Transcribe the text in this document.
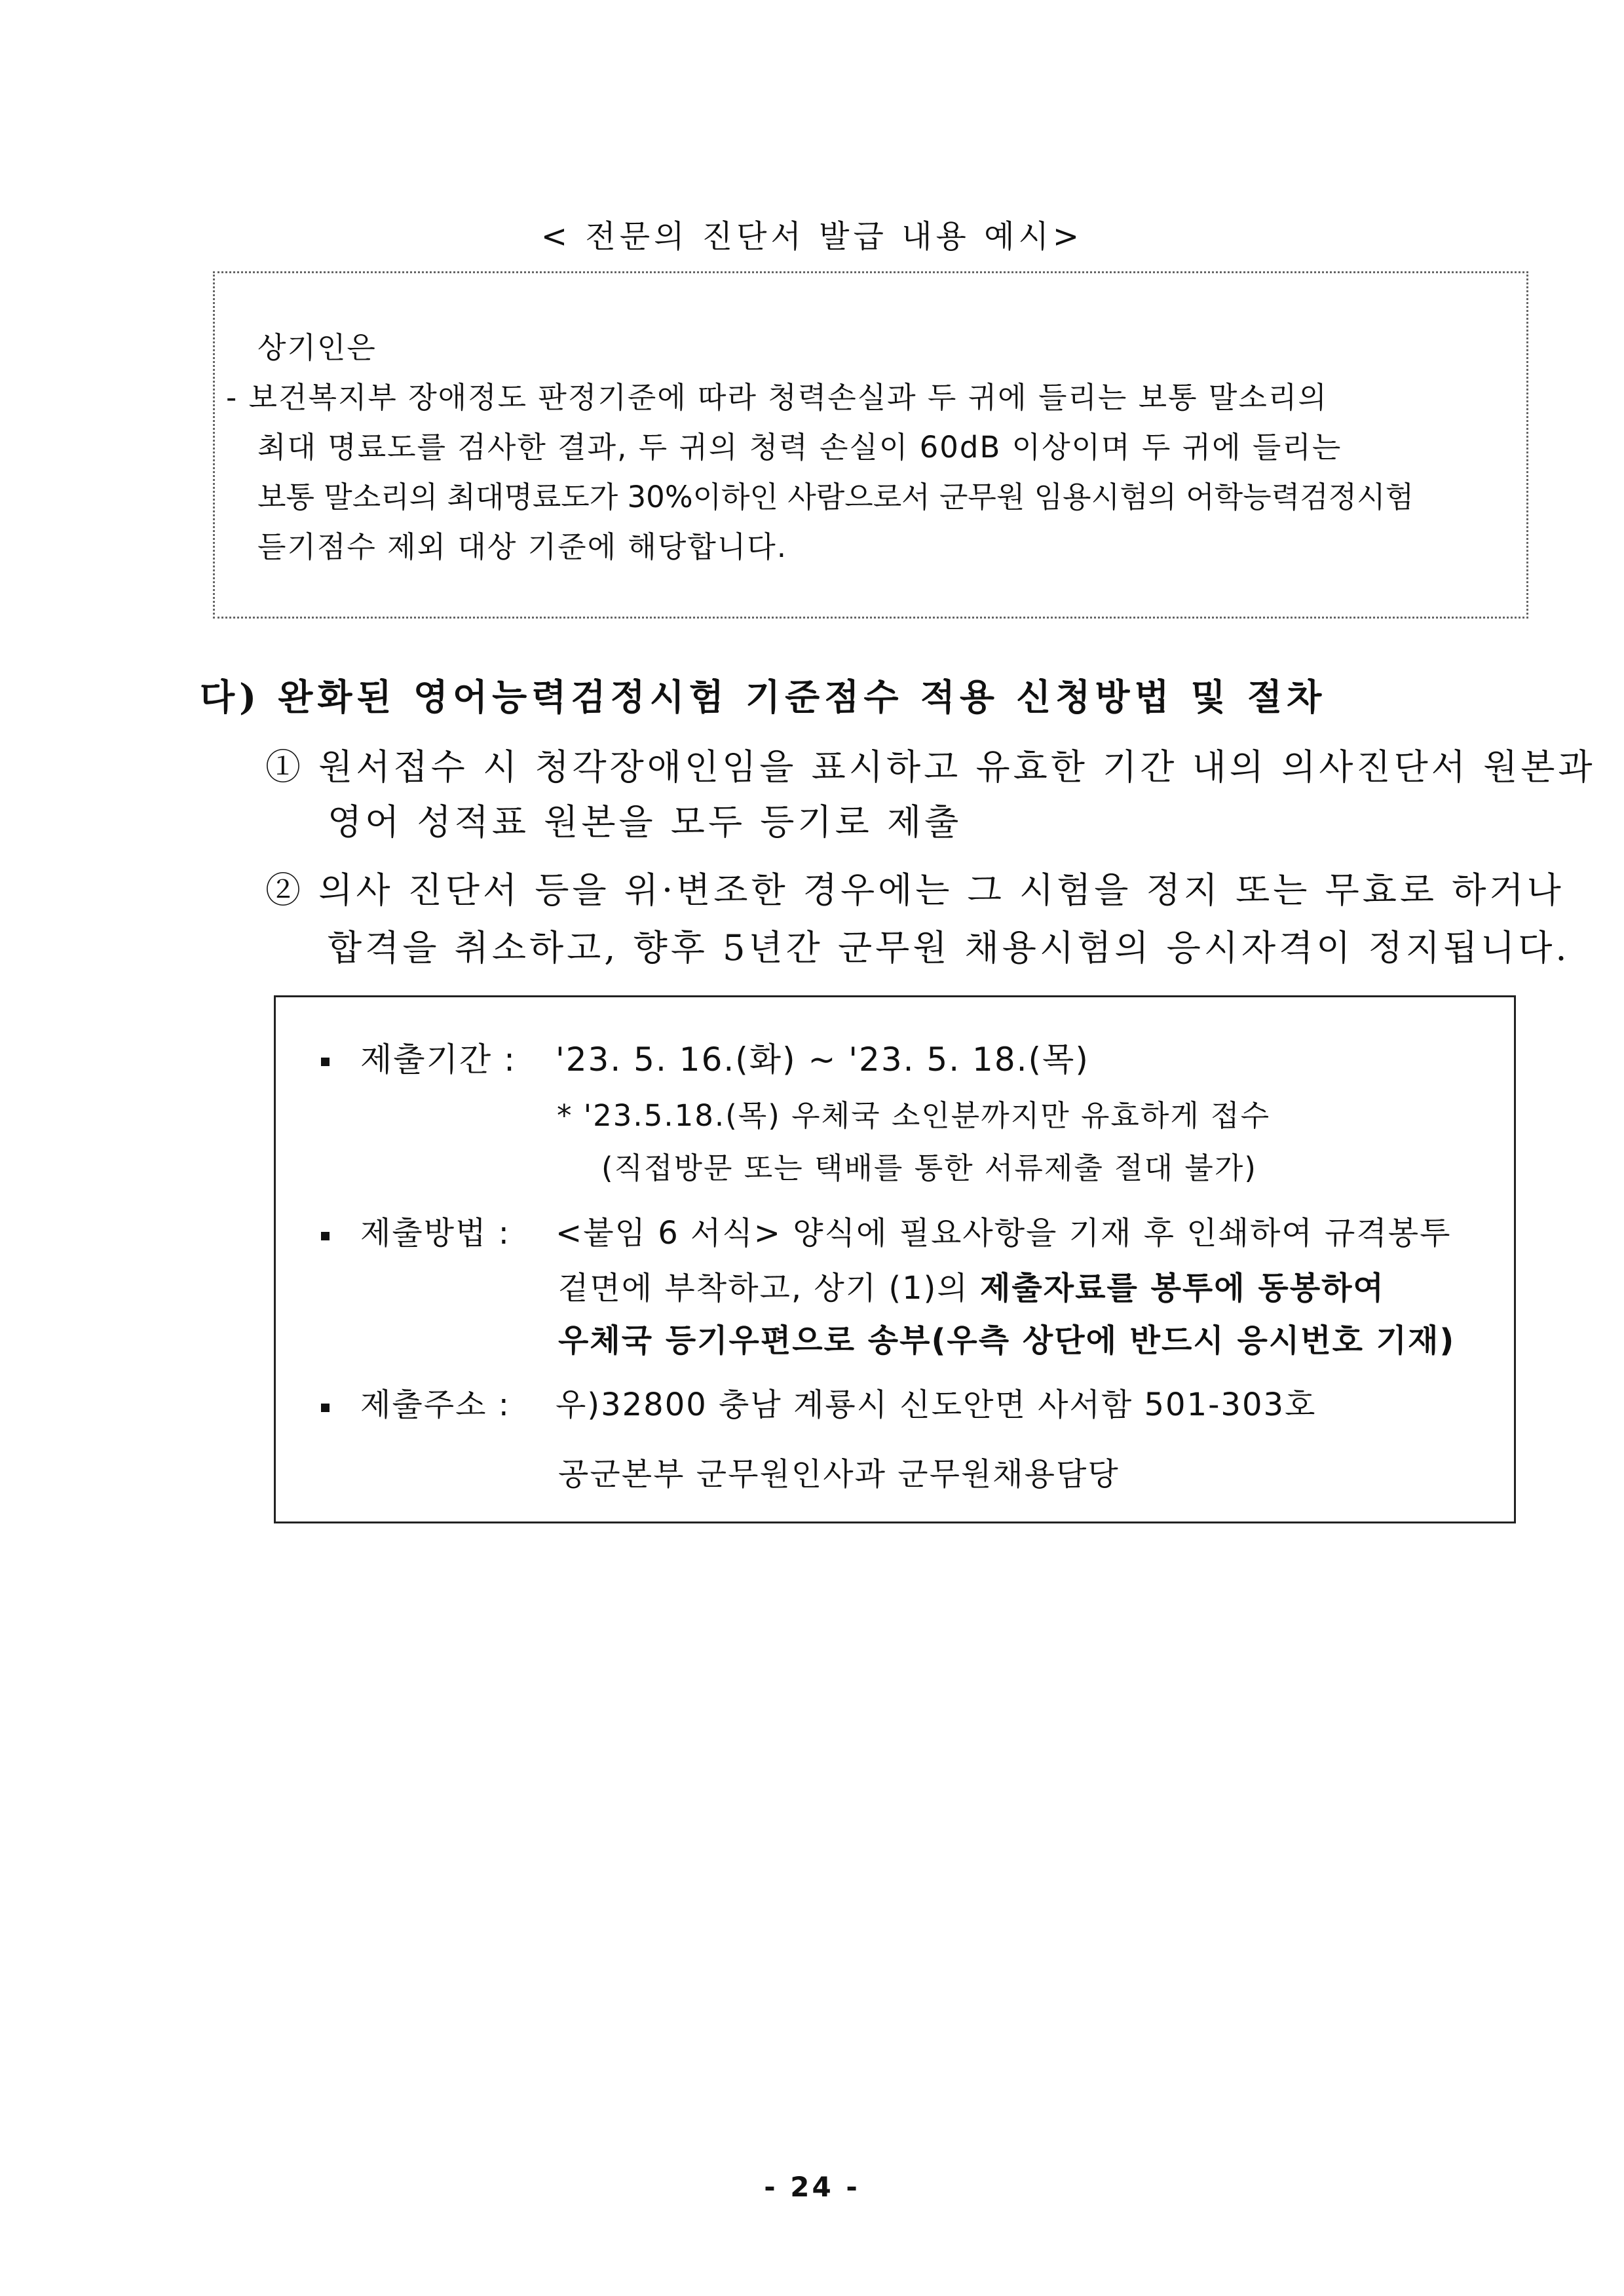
< 전문의 진단서 발급 내용 예시>
상기인은
- 보건복지부 장애정도 판정기준에 따라 청력손실과 두 귀에 들리는 보통 말소리의
최대 명료도를 검사한 결과, 두 귀의 청력 손실이 60dB 이상이며 두 귀에 들리는
보통 말소리의 최대명료도가 30%이하인 사람으로서 군무원 임용시험의 어학능력검정시험
듣기점수 제외 대상 기준에 해당합니다.
다) 완화된 영어능력검정시험 기준점수 적용 신청방법 및 절차
① 원서접수 시 청각장애인임을 표시하고 유효한 기간 내의 의사진단서 원본과
영어 성적표 원본을 모두 등기로 제출
② 의사 진단서 등을 위·변조한 경우에는 그 시험을 정지 또는 무효로 하거나
합격을 취소하고, 향후 5년간 군무원 채용시험의 응시자격이 정지됩니다.
제출기간 : '23. 5. 16.(화) ~ '23. 5. 18.(목)
* '23.5.18.(목) 우체국 소인분까지만 유효하게 접수
(직접방문 또는 택배를 통한 서류제출 절대 불가)
제출방법 : <붙임 6 서식> 양식에 필요사항을 기재 후 인쇄하여 규격봉투
겉면에 부착하고, 상기 (1)의 제출자료를 봉투에 동봉하여
우체국 등기우편으로 송부(우측 상단에 반드시 응시번호 기재)
제출주소 : 우)32800 충남 계룡시 신도안면 사서함 501-303호
공군본부 군무원인사과 군무원채용담당
- 24 -
